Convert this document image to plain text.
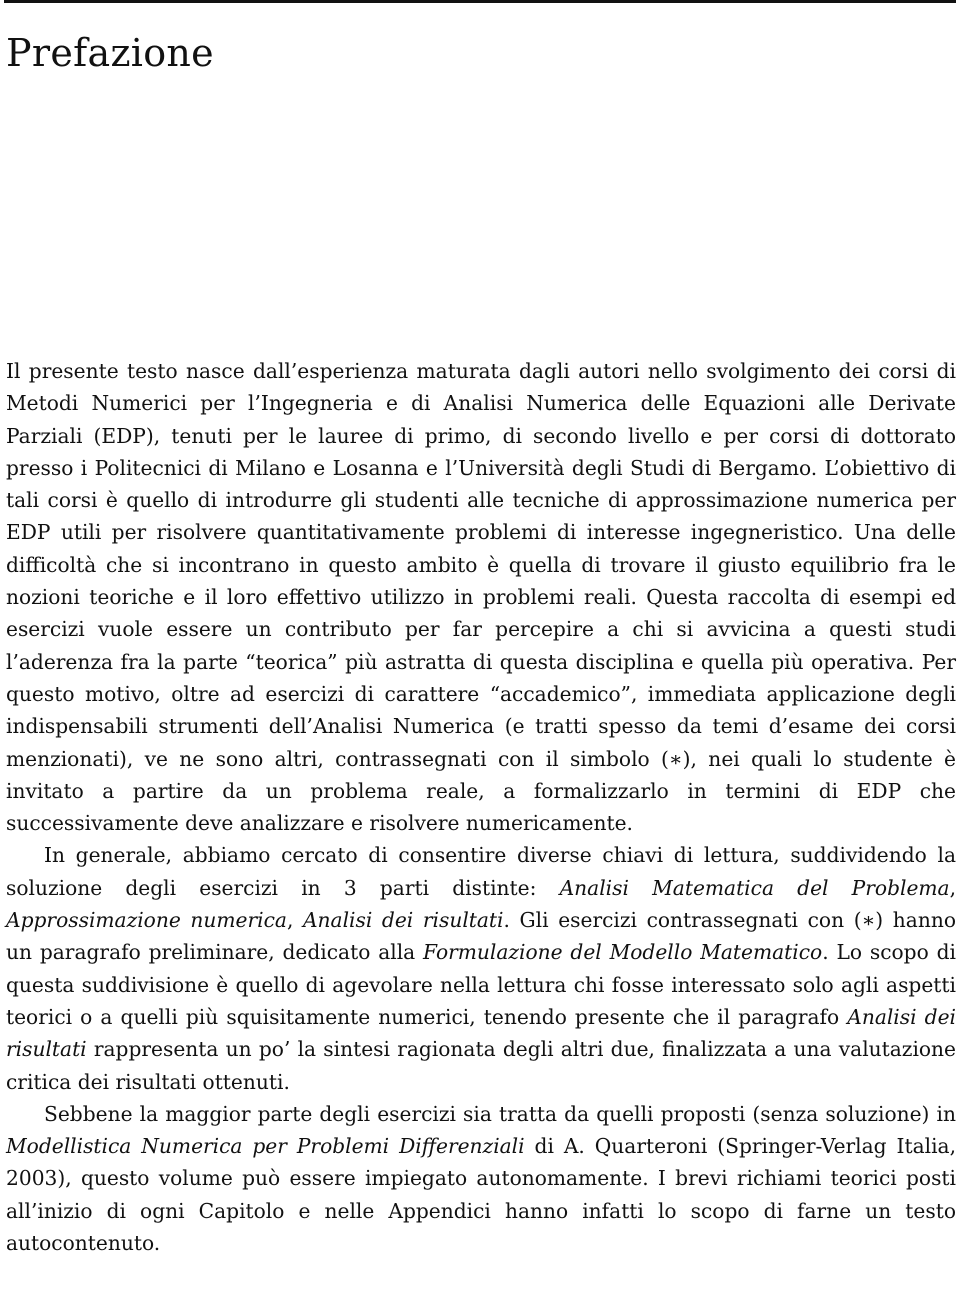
Prefazione

Il presente testo nasce dall’esperienza maturata dagli autori nello svolgimento dei corsi di Metodi Numerici per l’Ingegneria e di Analisi Numerica delle Equazioni alle Derivate Parziali (EDP), tenuti per le lauree di primo, di secondo livello e per corsi di dottorato presso i Politecnici di Milano e Losanna e l’Università degli Studi di Bergamo. L’obiettivo di tali corsi è quello di introdurre gli studenti alle tecniche di approssimazione numerica per EDP utili per risolvere quantitativamente problemi di interesse ingegneristico. Una delle difficoltà che si incontrano in questo ambito è quella di trovare il giusto equilibrio fra le nozioni teoriche e il loro effettivo utilizzo in problemi reali. Questa raccolta di esempi ed esercizi vuole essere un contributo per far percepire a chi si avvicina a questi studi l’aderenza fra la parte “teorica” più astratta di questa disciplina e quella più operativa. Per questo motivo, oltre ad esercizi di carattere “accademico”, immediata applicazione degli indispensabili strumenti dell’Analisi Numerica (e tratti spesso da temi d’esame dei corsi menzionati), ve ne sono altri, contrassegnati con il simbolo (∗), nei quali lo studente è invitato a partire da un problema reale, a formalizzarlo in termini di EDP che successivamente deve analizzare e risolvere numericamente.

In generale, abbiamo cercato di consentire diverse chiavi di lettura, suddividendo la soluzione degli esercizi in 3 parti distinte: Analisi Matematica del Problema, Approssimazione numerica, Analisi dei risultati. Gli esercizi contrassegnati con (∗) hanno un paragrafo preliminare, dedicato alla Formulazione del Modello Matematico. Lo scopo di questa suddivisione è quello di agevolare nella lettura chi fosse interessato solo agli aspetti teorici o a quelli più squisitamente numerici, tenendo presente che il paragrafo Analisi dei risultati rappresenta un po’ la sintesi ragionata degli altri due, finalizzata a una valutazione critica dei risultati ottenuti.

Sebbene la maggior parte degli esercizi sia tratta da quelli proposti (senza soluzione) in Modellistica Numerica per Problemi Differenziali di A. Quarteroni (Springer-Verlag Italia, 2003), questo volume può essere impiegato autonomamente. I brevi richiami teorici posti all’inizio di ogni Capitolo e nelle Appendici hanno infatti lo scopo di farne un testo autocontenuto.
